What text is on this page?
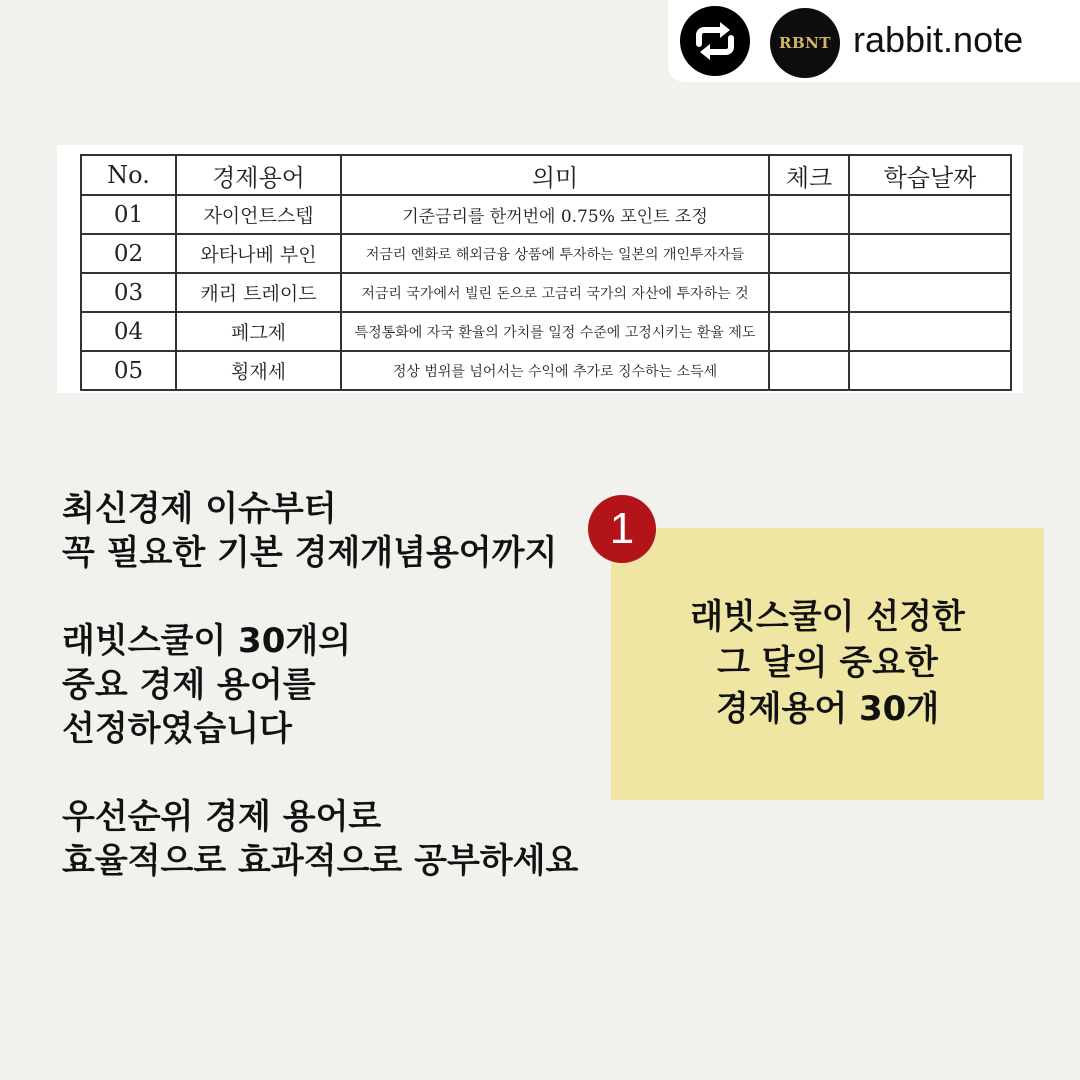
RBNT rabbit.note
No.	경제용어	의미	체크	학습날짜
01	자이언트스텝	기준금리를 한꺼번에 0.75% 포인트 조정		
02	와타나베 부인	저금리 엔화로 해외금융 상품에 투자하는 일본의 개인투자자들		
03	캐리 트레이드	저금리 국가에서 빌린 돈으로 고금리 국가의 자산에 투자하는 것		
04	페그제	특정통화에 자국 환율의 가치를 일정 수준에 고정시키는 환율 제도		
05	횡재세	정상 범위를 넘어서는 수익에 추가로 징수하는 소득세		

최신경제 이슈부터
꼭 필요한 기본 경제개념용어까지

래빗스쿨이 30개의
중요 경제 용어를
선정하였습니다

우선순위 경제 용어로
효율적으로 효과적으로 공부하세요

래빗스쿨이 선정한
그 달의 중요한
경제용어 30개
1
